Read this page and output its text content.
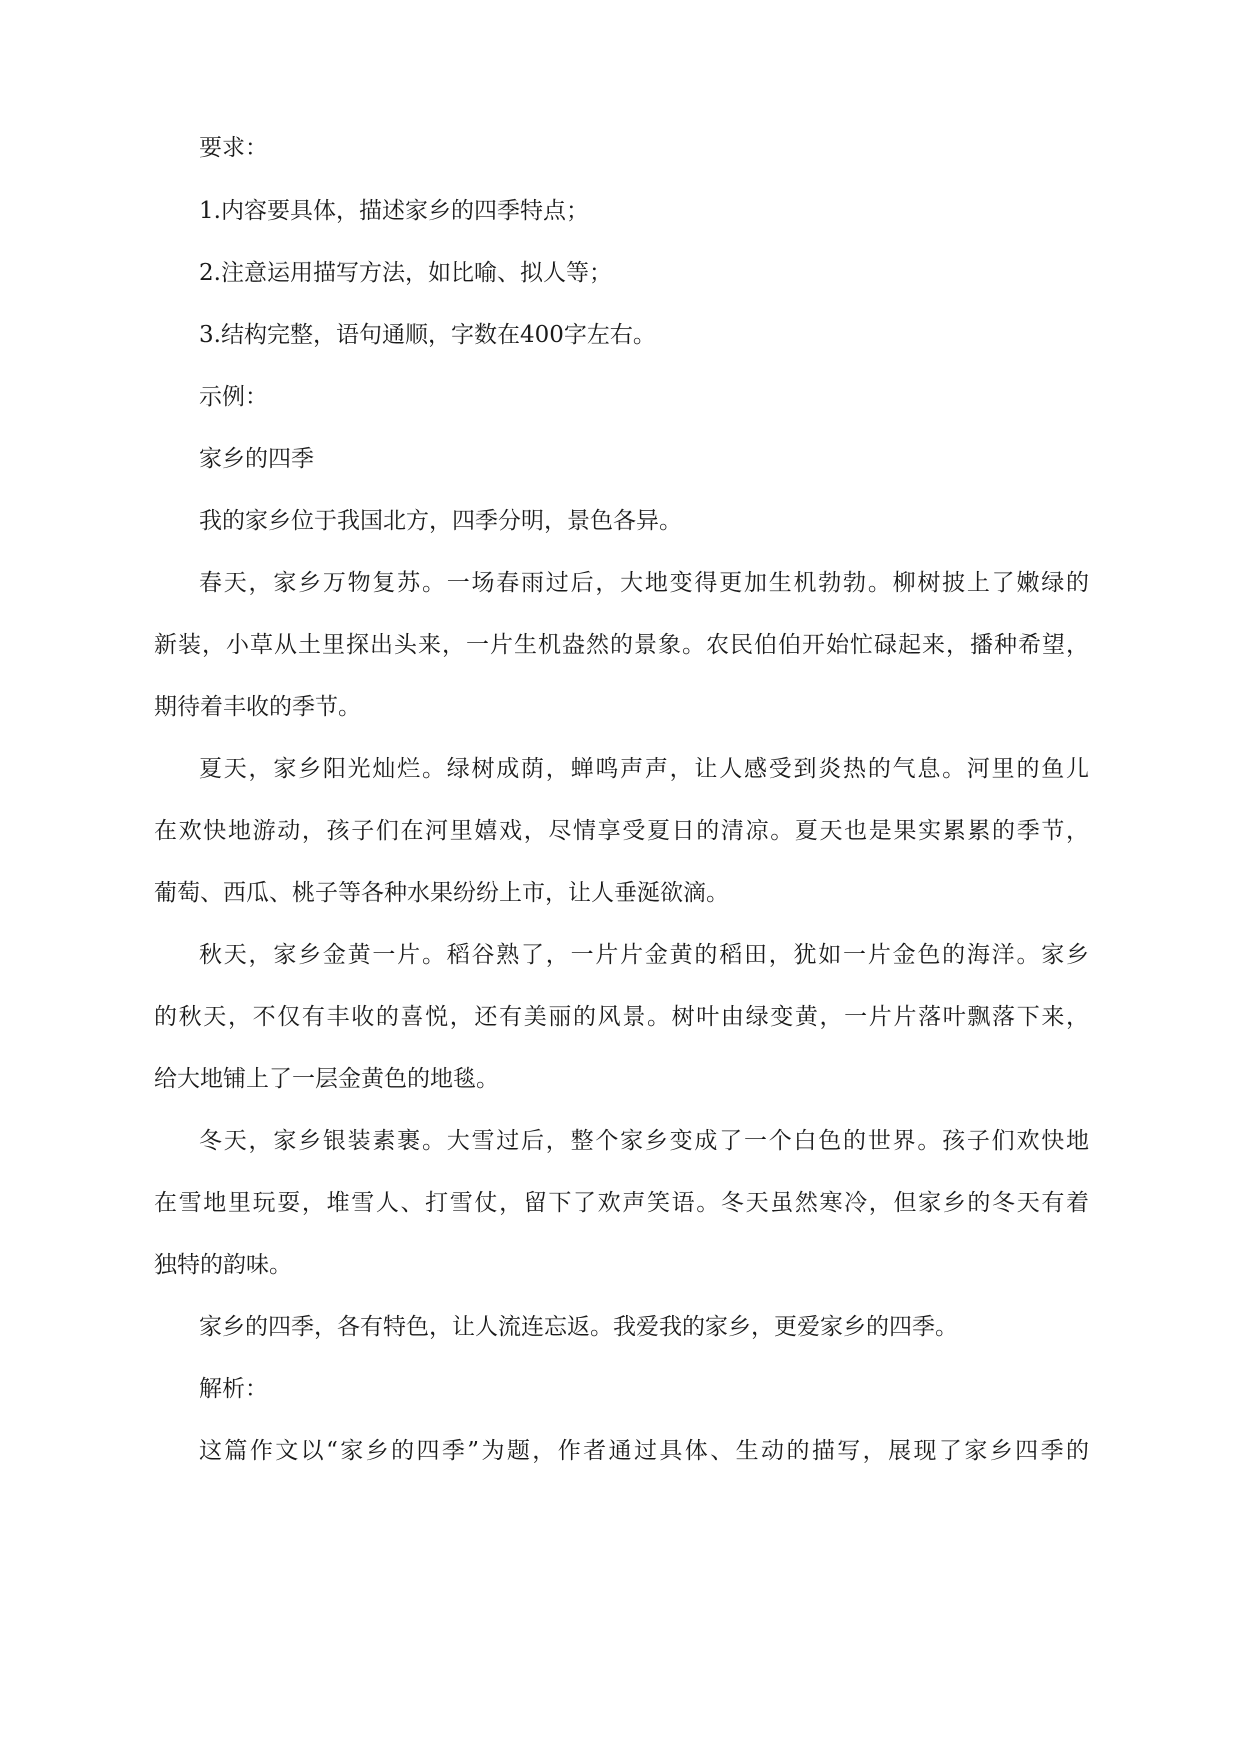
要求：

1.内容要具体，描述家乡的四季特点；

2.注意运用描写方法，如比喻、拟人等；

3.结构完整，语句通顺，字数在400字左右。

示例：

家乡的四季

我的家乡位于我国北方，四季分明，景色各异。

春天，家乡万物复苏。一场春雨过后，大地变得更加生机勃勃。柳树披上了嫩绿的

新装，小草从土里探出头来，一片生机盎然的景象。农民伯伯开始忙碌起来，播种希望，

期待着丰收的季节。

夏天，家乡阳光灿烂。绿树成荫，蝉鸣声声，让人感受到炎热的气息。河里的鱼儿

在欢快地游动，孩子们在河里嬉戏，尽情享受夏日的清凉。夏天也是果实累累的季节，

葡萄、西瓜、桃子等各种水果纷纷上市，让人垂涎欲滴。

秋天，家乡金黄一片。稻谷熟了，一片片金黄的稻田，犹如一片金色的海洋。家乡

的秋天，不仅有丰收的喜悦，还有美丽的风景。树叶由绿变黄，一片片落叶飘落下来，

给大地铺上了一层金黄色的地毯。

冬天，家乡银装素裹。大雪过后，整个家乡变成了一个白色的世界。孩子们欢快地

在雪地里玩耍，堆雪人、打雪仗，留下了欢声笑语。冬天虽然寒冷，但家乡的冬天有着

独特的韵味。

家乡的四季，各有特色，让人流连忘返。我爱我的家乡，更爱家乡的四季。

解析：

这篇作文以“家乡的四季”为题，作者通过具体、生动的描写，展现了家乡四季的
